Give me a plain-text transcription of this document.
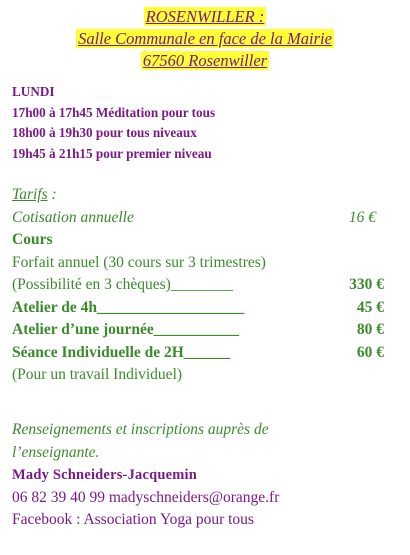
ROSENWILLER :
Salle Communale en face de la Mairie
67560 Rosenwiller
LUNDI
17h00 à 17h45 Méditation pour tous
18h00 à 19h30 pour tous niveaux
19h45 à 21h15 pour premier niveau
Tarifs :
Cotisation annuelle	16 €
Cours
Forfait annuel (30 cours sur 3 trimestres)
(Possibilité en 3 chèques)________	330 €
Atelier de 4h___________________	45 €
Atelier d’une journée___________	80 €
Séance Individuelle de 2H______	60 €
(Pour un travail Individuel)
Renseignements et inscriptions auprès de
l’enseignante.
Mady Schneiders-Jacquemin
06 82 39 40 99 madyschneiders@orange.fr
Facebook : Association Yoga pour tous
